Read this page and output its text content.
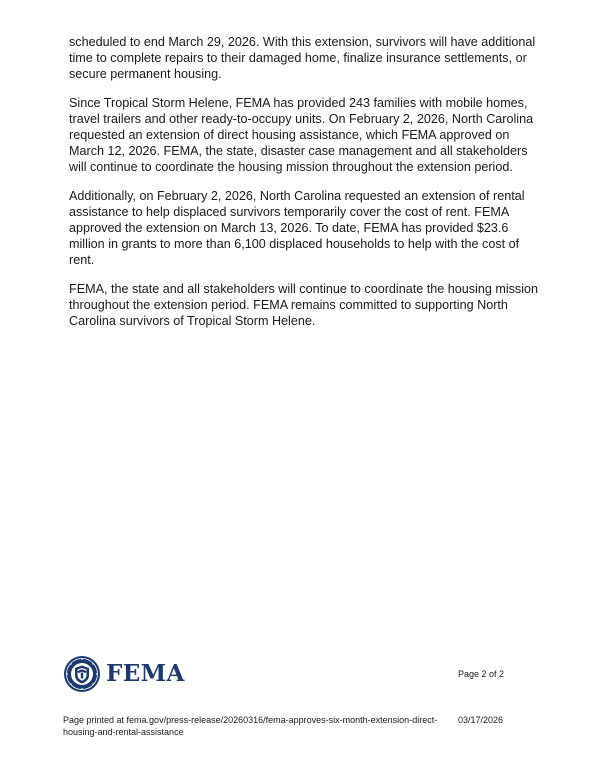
scheduled to end March 29, 2026. With this extension, survivors will have additional time to complete repairs to their damaged home, finalize insurance settlements, or secure permanent housing.

Since Tropical Storm Helene, FEMA has provided 243 families with mobile homes, travel trailers and other ready-to-occupy units. On February 2, 2026, North Carolina requested an extension of direct housing assistance, which FEMA approved on March 12, 2026. FEMA, the state, disaster case management and all stakeholders will continue to coordinate the housing mission throughout the extension period.

Additionally, on February 2, 2026, North Carolina requested an extension of rental assistance to help displaced survivors temporarily cover the cost of rent. FEMA approved the extension on March 13, 2026. To date, FEMA has provided $23.6 million in grants to more than 6,100 displaced households to help with the cost of rent.

FEMA, the state and all stakeholders will continue to coordinate the housing mission throughout the extension period. FEMA remains committed to supporting North Carolina survivors of Tropical Storm Helene.

FEMA	Page 2 of 2
Page printed at fema.gov/press-release/20260316/fema-approves-six-month-extension-direct-housing-and-rental-assistance
03/17/2026
